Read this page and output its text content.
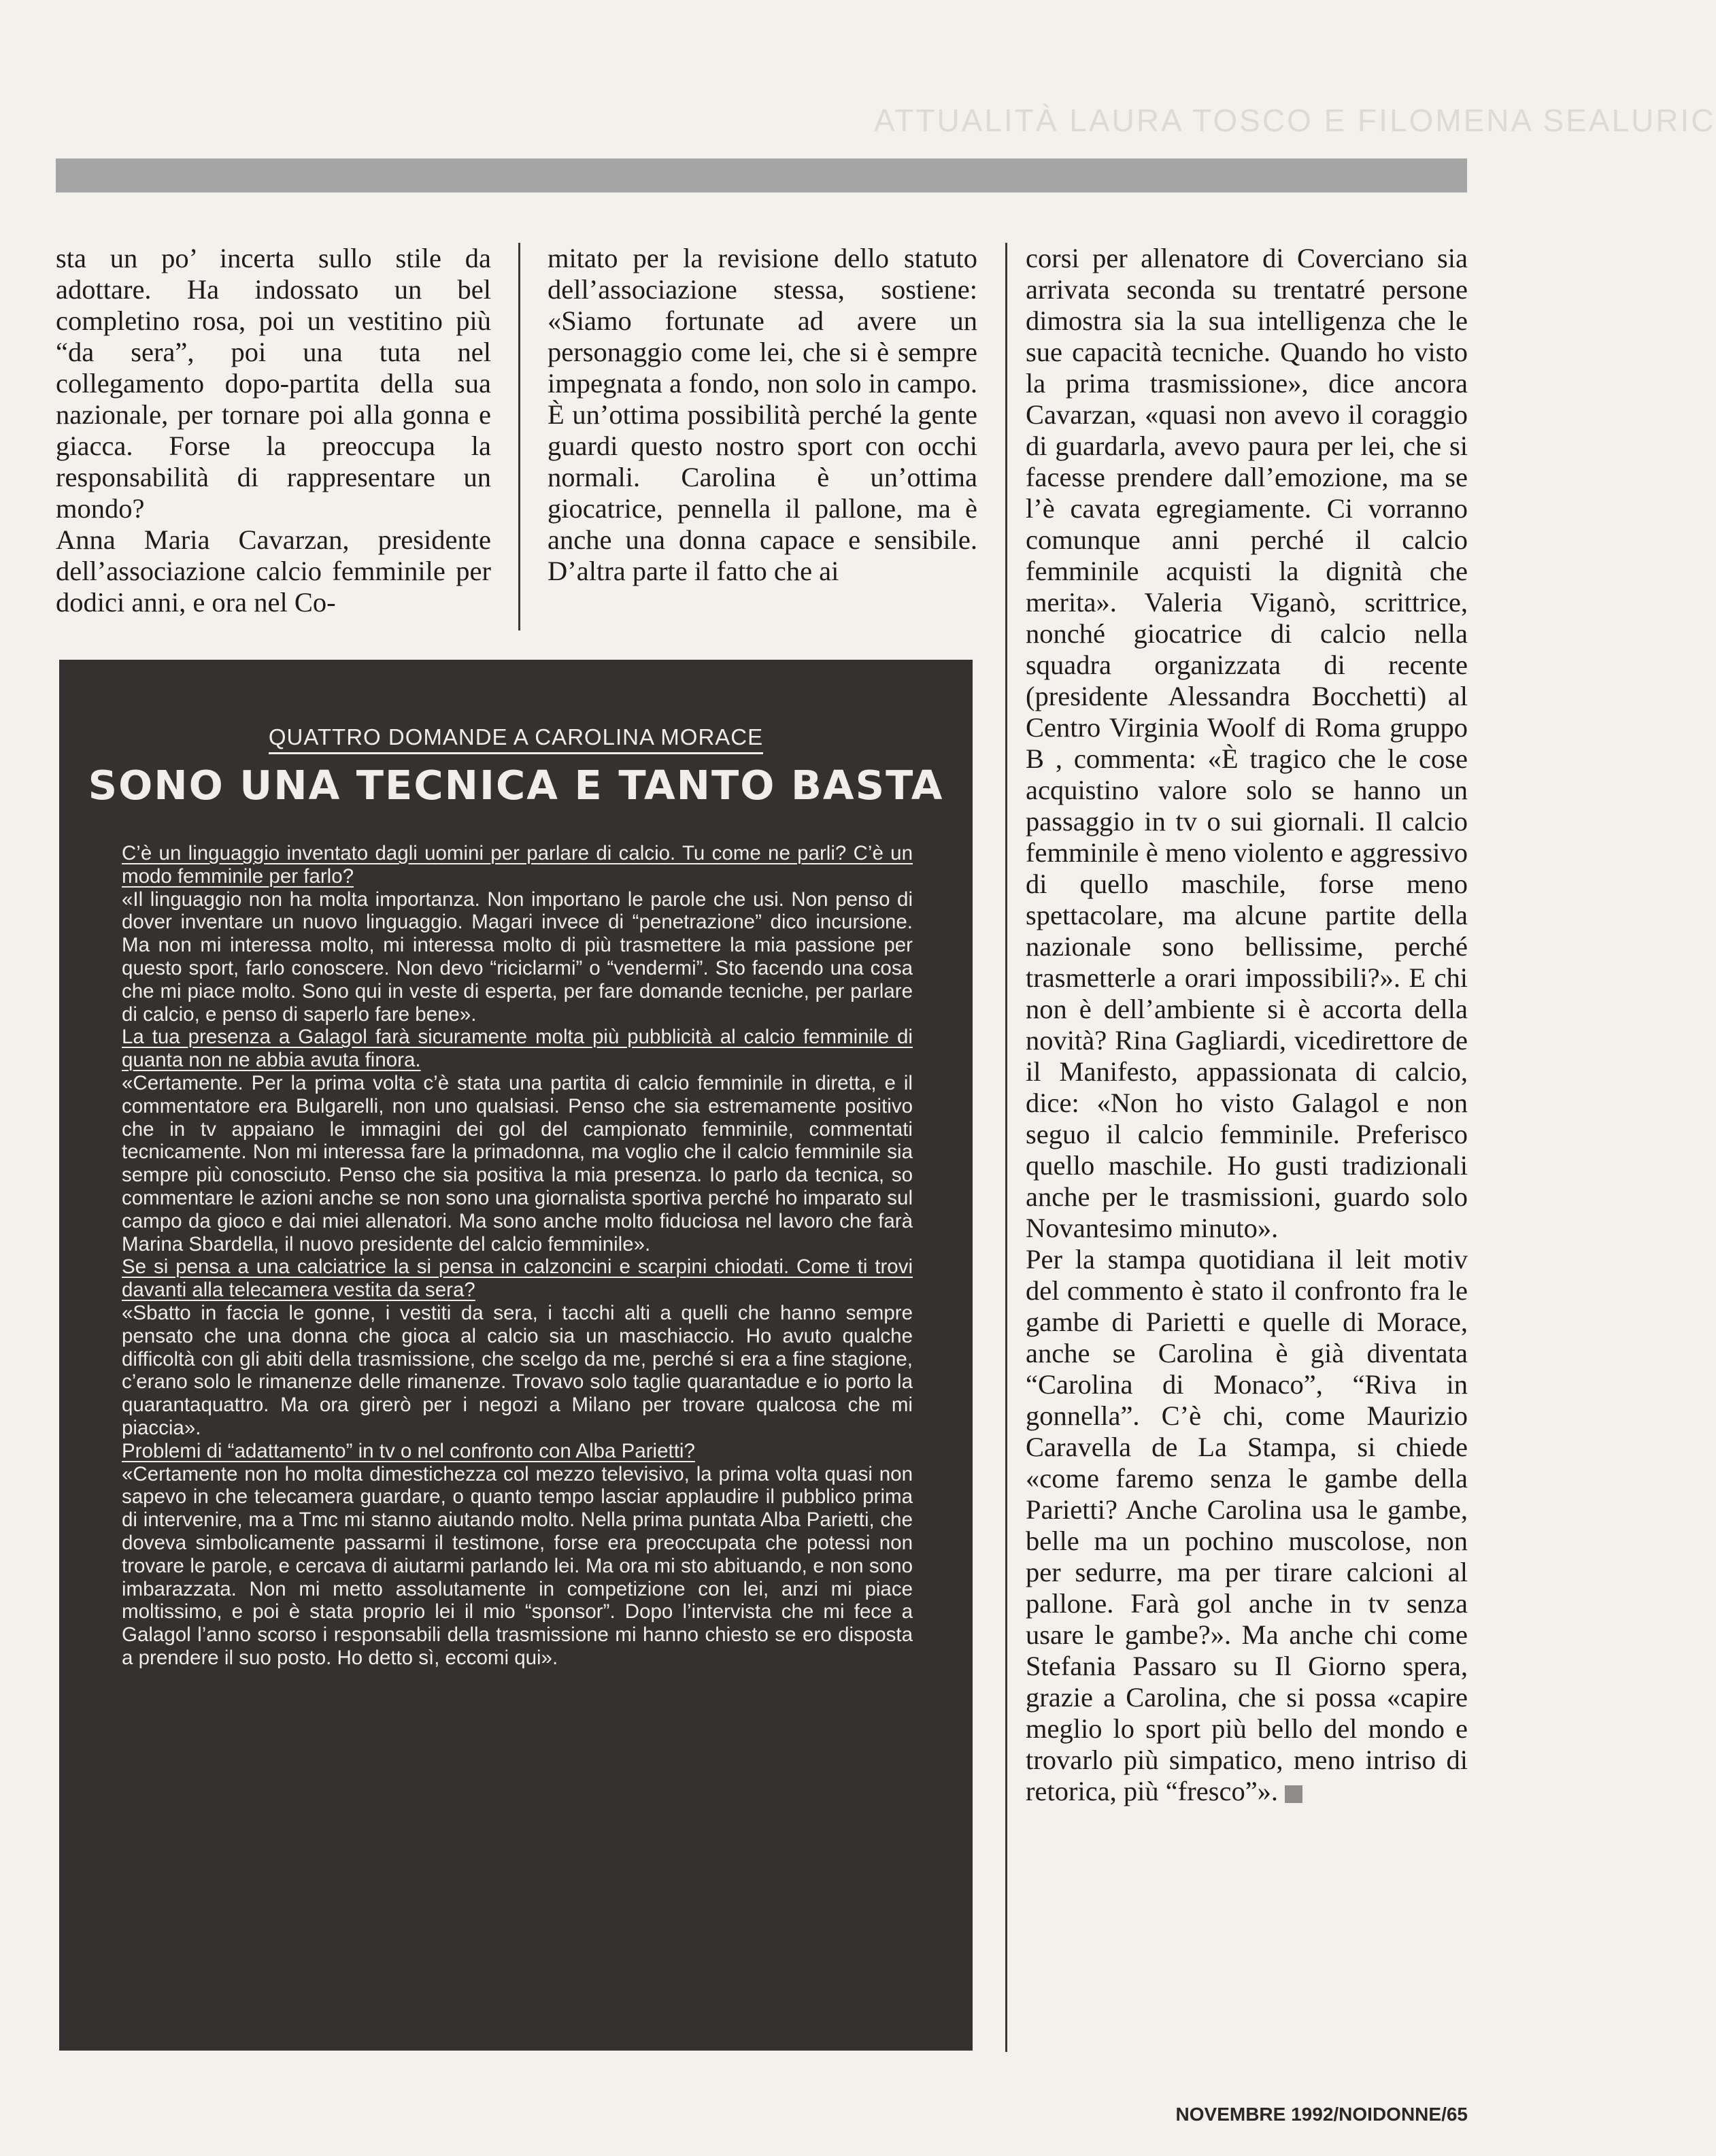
ATTUALITÀ LAURA TOSCO E FILOMENA SEALURIC

sta un po’ incerta sullo stile da adottare. Ha indossato un bel completino rosa, poi un vestitino più “da sera”, poi una tuta nel collegamento dopo-partita della sua nazionale, per tornare poi alla gonna e giacca. Forse la preoccupa la responsabilità di rappresentare un mondo?

Anna Maria Cavarzan, presidente dell’associazione calcio femminile per dodici anni, e ora nel Co-

mitato per la revisione dello statuto dell’associazione stessa, sostiene: «Siamo fortunate ad avere un personaggio come lei, che si è sempre impegnata a fondo, non solo in campo. È un’ottima possibilità perché la gente guardi questo nostro sport con occhi normali. Carolina è un’ottima giocatrice, pennella il pallone, ma è anche una donna capace e sensibile. D’altra parte il fatto che ai

corsi per allenatore di Coverciano sia arrivata seconda su trentatré persone dimostra sia la sua intelligenza che le sue capacità tecniche. Quando ho visto la prima trasmissione», dice ancora Cavarzan, «quasi non avevo il coraggio di guardarla, avevo paura per lei, che si facesse prendere dall’emozione, ma se l’è cavata egregiamente. Ci vorranno comunque anni perché il calcio femminile acquisti la dignità che merita». Valeria Viganò, scrittrice, nonché giocatrice di calcio nella squadra organizzata di recente (presidente Alessandra Bocchetti) al Centro Virginia Woolf di Roma gruppo B , commenta: «È tragico che le cose acquistino valore solo se hanno un passaggio in tv o sui giornali. Il calcio femminile è meno violento e aggressivo di quello maschile, forse meno spettacolare, ma alcune partite della nazionale sono bellissime, perché trasmetterle a orari impossibili?». E chi non è dell’ambiente si è accorta della novità? Rina Gagliardi, vicedirettore de il Manifesto, appassionata di calcio, dice: «Non ho visto Galagol e non seguo il calcio femminile. Preferisco quello maschile. Ho gusti tradizionali anche per le trasmissioni, guardo solo Novantesimo minuto».

Per la stampa quotidiana il leit motiv del commento è stato il confronto fra le gambe di Parietti e quelle di Morace, anche se Carolina è già diventata “Carolina di Monaco”, “Riva in gonnella”. C’è chi, come Maurizio Caravella de La Stampa, si chiede «come faremo senza le gambe della Parietti? Anche Carolina usa le gambe, belle ma un pochino muscolose, non per sedurre, ma per tirare calcioni al pallone. Farà gol anche in tv senza usare le gambe?». Ma anche chi come Stefania Passaro su Il Giorno spera, grazie a Carolina, che si possa «capire meglio lo sport più bello del mondo e trovarlo più simpatico, meno intriso di retorica, più “fresco”».

QUATTRO DOMANDE A CAROLINA MORACE
SONO UNA TECNICA E TANTO BASTA

C’è un linguaggio inventato dagli uomini per parlare di calcio. Tu come ne parli? C’è un modo femminile per farlo?

«Il linguaggio non ha molta importanza. Non importano le parole che usi. Non penso di dover inventare un nuovo linguaggio. Magari invece di “penetrazione” dico incursione. Ma non mi interessa molto, mi interessa molto di più trasmettere la mia passione per questo sport, farlo conoscere. Non devo “riciclarmi” o “vendermi”. Sto facendo una cosa che mi piace molto. Sono qui in veste di esperta, per fare domande tecniche, per parlare di calcio, e penso di saperlo fare bene».

La tua presenza a Galagol farà sicuramente molta più pubblicità al calcio femminile di quanta non ne abbia avuta finora.

«Certamente. Per la prima volta c’è stata una partita di calcio femminile in diretta, e il commentatore era Bulgarelli, non uno qualsiasi. Penso che sia estremamente positivo che in tv appaiano le immagini dei gol del campionato femminile, commentati tecnicamente. Non mi interessa fare la primadonna, ma voglio che il calcio femminile sia sempre più conosciuto. Penso che sia positiva la mia presenza. Io parlo da tecnica, so commentare le azioni anche se non sono una giornalista sportiva perché ho imparato sul campo da gioco e dai miei allenatori. Ma sono anche molto fiduciosa nel lavoro che farà Marina Sbardella, il nuovo presidente del calcio femminile».

Se si pensa a una calciatrice la si pensa in calzoncini e scarpini chiodati. Come ti trovi davanti alla telecamera vestita da sera?

«Sbatto in faccia le gonne, i vestiti da sera, i tacchi alti a quelli che hanno sempre pensato che una donna che gioca al calcio sia un maschiaccio. Ho avuto qualche difficoltà con gli abiti della trasmissione, che scelgo da me, perché si era a fine stagione, c’erano solo le rimanenze delle rimanenze. Trovavo solo taglie quarantadue e io porto la quarantaquattro. Ma ora girerò per i negozi a Milano per trovare qualcosa che mi piaccia».

Problemi di “adattamento” in tv o nel confronto con Alba Parietti?

«Certamente non ho molta dimestichezza col mezzo televisivo, la prima volta quasi non sapevo in che telecamera guardare, o quanto tempo lasciar applaudire il pubblico prima di intervenire, ma a Tmc mi stanno aiutando molto. Nella prima puntata Alba Parietti, che doveva simbolicamente passarmi il testimone, forse era preoccupata che potessi non trovare le parole, e cercava di aiutarmi parlando lei. Ma ora mi sto abituando, e non sono imbarazzata. Non mi metto assolutamente in competizione con lei, anzi mi piace moltissimo, e poi è stata proprio lei il mio “sponsor”. Dopo l’intervista che mi fece a Galagol l’anno scorso i responsabili della trasmissione mi hanno chiesto se ero disposta a prendere il suo posto. Ho detto sì, eccomi qui».

NOVEMBRE 1992/NOIDONNE/65
